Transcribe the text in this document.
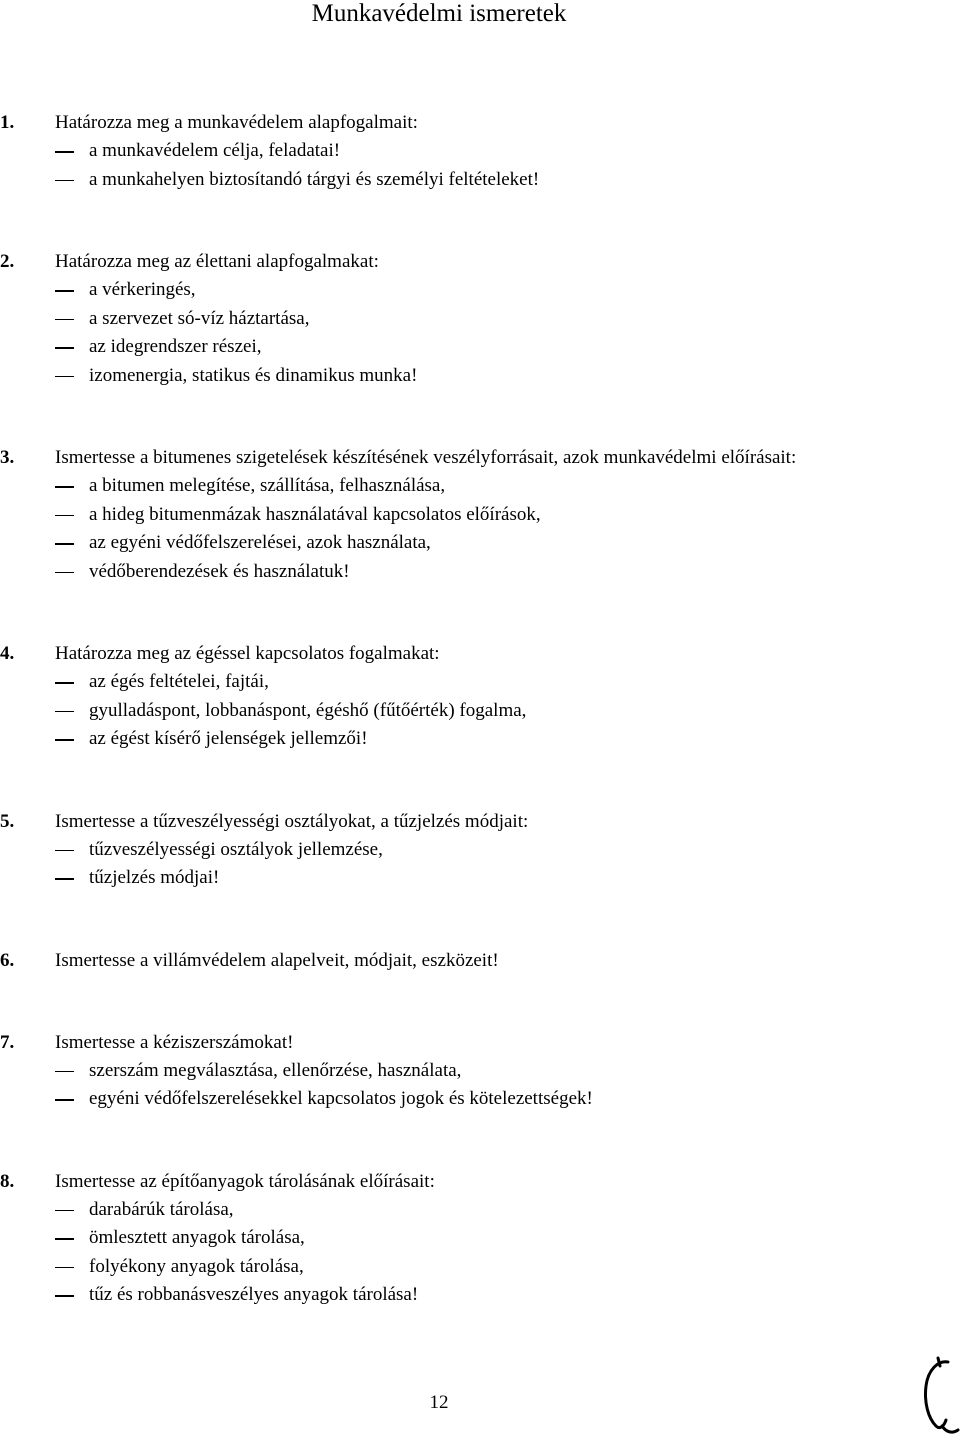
Munkavédelmi ismeretek
1. Határozza meg a munkavédelem alapfogalmait:
a munkavédelem célja, feladatai!
a munkahelyen biztosítandó tárgyi és személyi feltételeket!
2. Határozza meg az élettani alapfogalmakat:
a vérkeringés,
a szervezet só-víz háztartása,
az idegrendszer részei,
izomenergia, statikus és dinamikus munka!
3. Ismertesse a bitumenes szigetelések készítésének veszélyforrásait, azok munkavédelmi előírásait:
a bitumen melegítése, szállítása, felhasználása,
a hideg bitumenmázak használatával kapcsolatos előírások,
az egyéni védőfelszerelései, azok használata,
védőberendezések és használatuk!
4. Határozza meg az égéssel kapcsolatos fogalmakat:
az égés feltételei, fajtái,
gyulladáspont, lobbanáspont, égéshő (fűtőérték) fogalma,
az égést kísérő jelenségek jellemzői!
5. Ismertesse a tűzveszélyességi osztályokat, a tűzjelzés módjait:
tűzveszélyességi osztályok jellemzése,
tűzjelzés módjai!
6. Ismertesse a villámvédelem alapelveit, módjait, eszközeit!
7. Ismertesse a kéziszerszámokat!
szerszám megválasztása, ellenőrzése, használata,
egyéni védőfelszerelésekkel kapcsolatos jogok és kötelezettségek!
8. Ismertesse az építőanyagok tárolásának előírásait:
darabárúk tárolása,
ömlesztett anyagok tárolása,
folyékony anyagok tárolása,
tűz és robbanásveszélyes anyagok tárolása!
12
